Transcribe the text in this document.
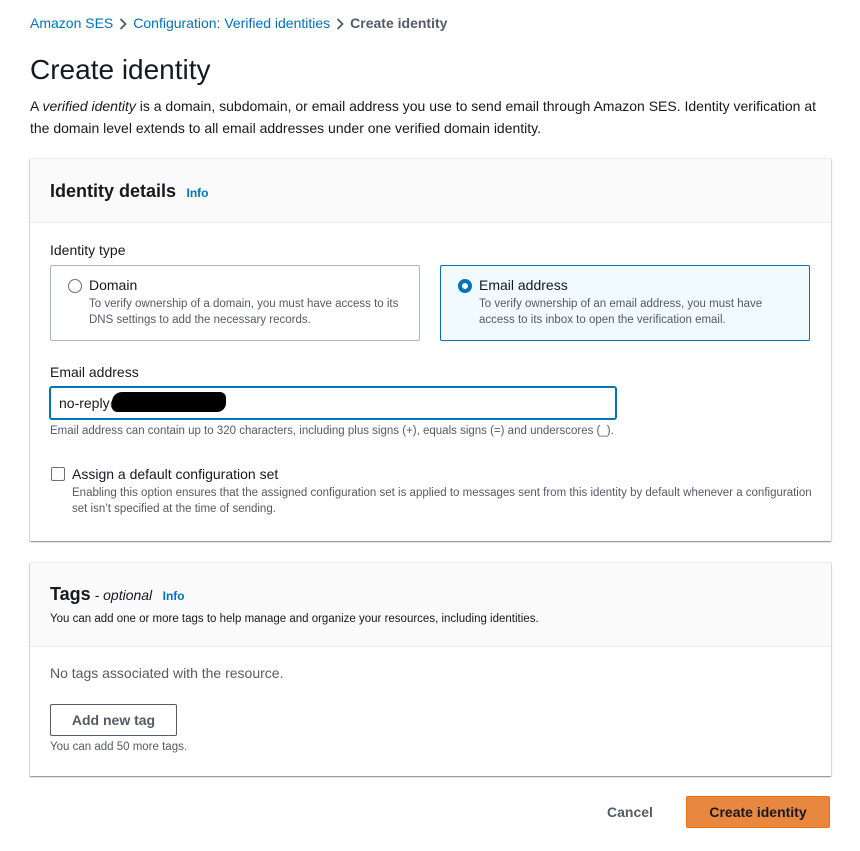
Amazon SES Configuration: Verified identities Create identity
Create identity

A verified identity is a domain, subdomain, or email address you use to send email through Amazon SES. Identity verification at the domain level extends to all email addresses under one verified domain identity.

Identity details Info
Identity type
Domain
To verify ownership of a domain, you must have access to its DNS settings to add the necessary records.
Email address
To verify ownership of an email address, you must have access to its inbox to open the verification email.
Email address
no-reply@
Email address can contain up to 320 characters, including plus signs (+), equals signs (=) and underscores (_).
Assign a default configuration set
Enabling this option ensures that the assigned configuration set is applied to messages sent from this identity by default whenever a configuration set isn’t specified at the time of sending.
Tags - optional Info
You can add one or more tags to help manage and organize your resources, including identities.
No tags associated with the resource.
Add new tag
You can add 50 more tags.
Cancel	Create identity
